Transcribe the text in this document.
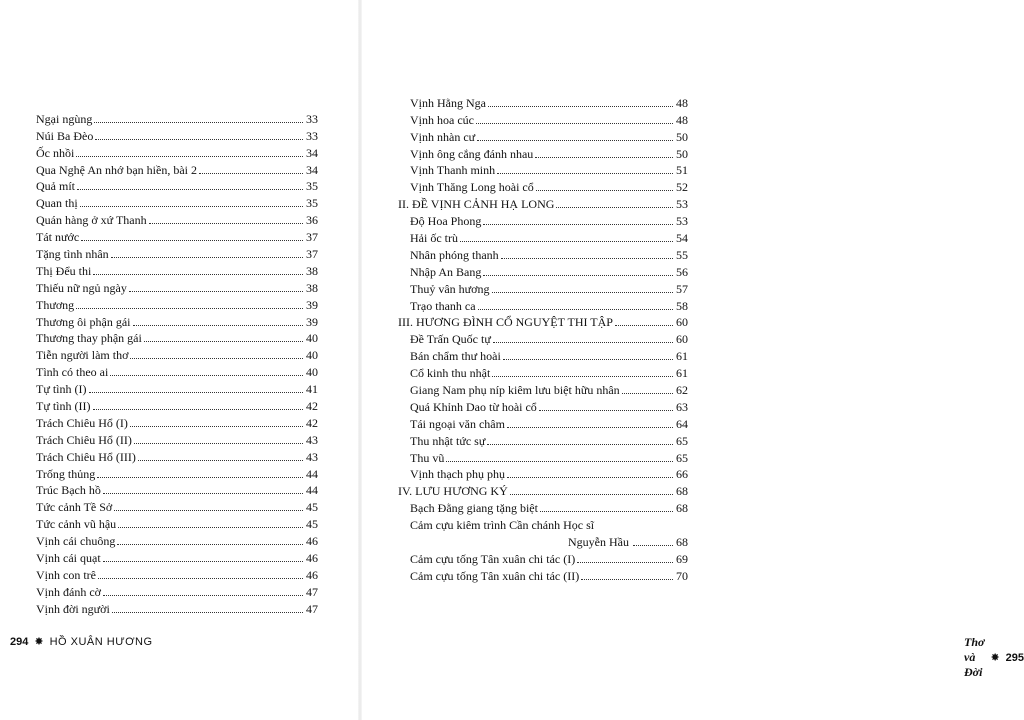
Ngại ngùng	33
Núi Ba Đèo	33
Ốc nhồi	34
Qua Nghệ An nhớ bạn hiền, bài 2	34
Quả mít	35
Quan thị	35
Quán hàng ở xứ Thanh	36
Tát nước	37
Tặng tình nhân	37
Thị Đểu thi	38
Thiếu nữ ngủ ngày	38
Thương	39
Thương ôi phận gái	39
Thương thay phận gái	40
Tiễn người làm thơ	40
Tình có theo ai	40
Tự tình (I)	41
Tự tình (II)	42
Trách Chiêu Hổ (I)	42
Trách Chiêu Hổ (II)	43
Trách Chiêu Hổ (III)	43
Trống thủng	44
Trúc Bạch hồ	44
Tức cảnh Tề Sở	45
Tức cảnh vũ hậu	45
Vịnh cái chuông	46
Vịnh cái quạt	46
Vịnh con trê	46
Vịnh đánh cờ	47
Vịnh đời người	47
294 ✸ HỒ XUÂN HƯƠNG	Thơ và Đời
✸ 295
Vịnh Hằng Nga	48
Vịnh hoa cúc	48
Vịnh nhàn cư	50
Vịnh ông cắng đánh nhau	50
Vịnh Thanh minh	51
Vịnh Thăng Long hoài cổ	52
II. ĐỀ VỊNH CẢNH HẠ LONG	53
Độ Hoa Phong	53
Hải ốc trù	54
Nhân phóng thanh	55
Nhập An Bang	56
Thuỷ vân hương	57
Trạo thanh ca	58
III. HƯƠNG ĐÌNH CỔ NGUYỆT THI TẬP	60
Đề Trấn Quốc tự	60
Bán chẩm thư hoài	61
Cổ kinh thu nhật	61
Giang Nam phụ níp kiêm lưu biệt hữu nhân	62
Quá Khỉnh Dao từ hoài cổ	63
Tái ngoại văn châm	64
Thu nhật tức sự	65
Thu vũ	65
Vịnh thạch phụ phụ	66
IV. LƯU HƯƠNG KÝ	68
Bạch Đằng giang tặng biệt	68
Cảm cựu kiêm trình Cần chánh Học sĩ
Nguyễn Hầu	68
Cảm cựu tống Tân xuân chi tác (I)	69
Cảm cựu tống Tân xuân chi tác (II)	70
